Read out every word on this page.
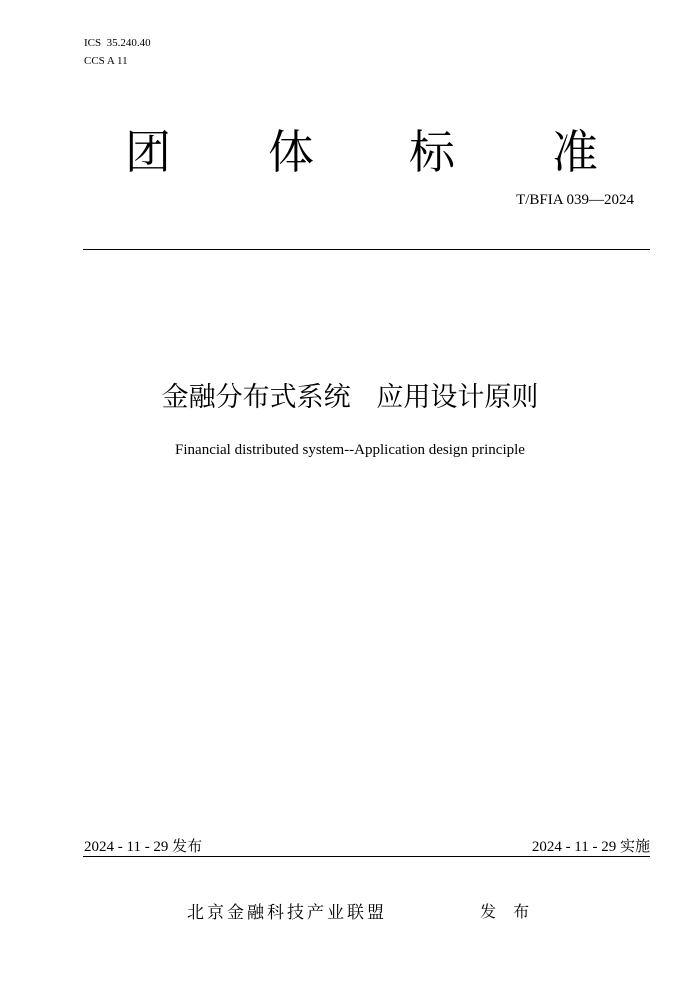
ICS  35.240.40
CCS A 11
团 体 标 准
T/BFIA 039—2024
金融分布式系统   应用设计原则
Financial distributed system--Application design principle
2024 - 11 - 29 发布	2024 - 11 - 29 实施
北京金融科技产业联盟	发 布
